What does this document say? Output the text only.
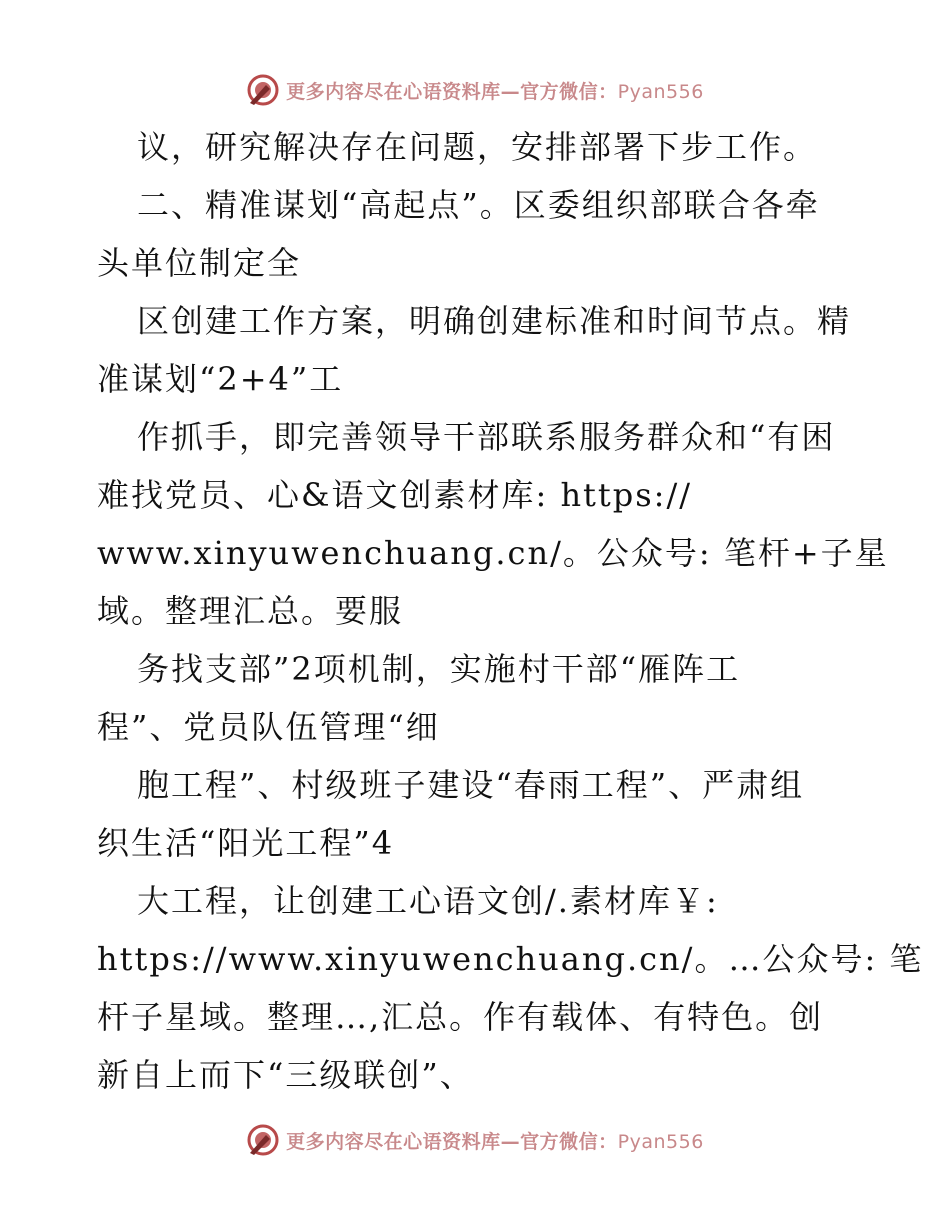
更多内容尽在心语资料库—官方微信：Pyan556
议，研究解决存在问题，安排部署下步工作。
二、精准谋划“高起点”。区委组织部联合各牵
头单位制定全
区创建工作方案，明确创建标准和时间节点。精
准谋划“2+4”工
作抓手，即完善领导干部联系服务群众和“有困
难找党员、心&语文创素材库: https://
www.xinyuwenchuang.cn/。公众号: 笔杆+子星
域。整理汇总。要服
务找支部”2项机制，实施村干部“雁阵工
程”、党员队伍管理“细
胞工程”、村级班子建设“春雨工程”、严肃组
织生活“阳光工程”4
大工程，让创建工心语文创/.素材库￥:
https://www.xinyuwenchuang.cn/。…公众号: 笔
杆子星域。整理…,汇总。作有载体、有特色。创
新自上而下“三级联创”、
更多内容尽在心语资料库—官方微信：Pyan556
